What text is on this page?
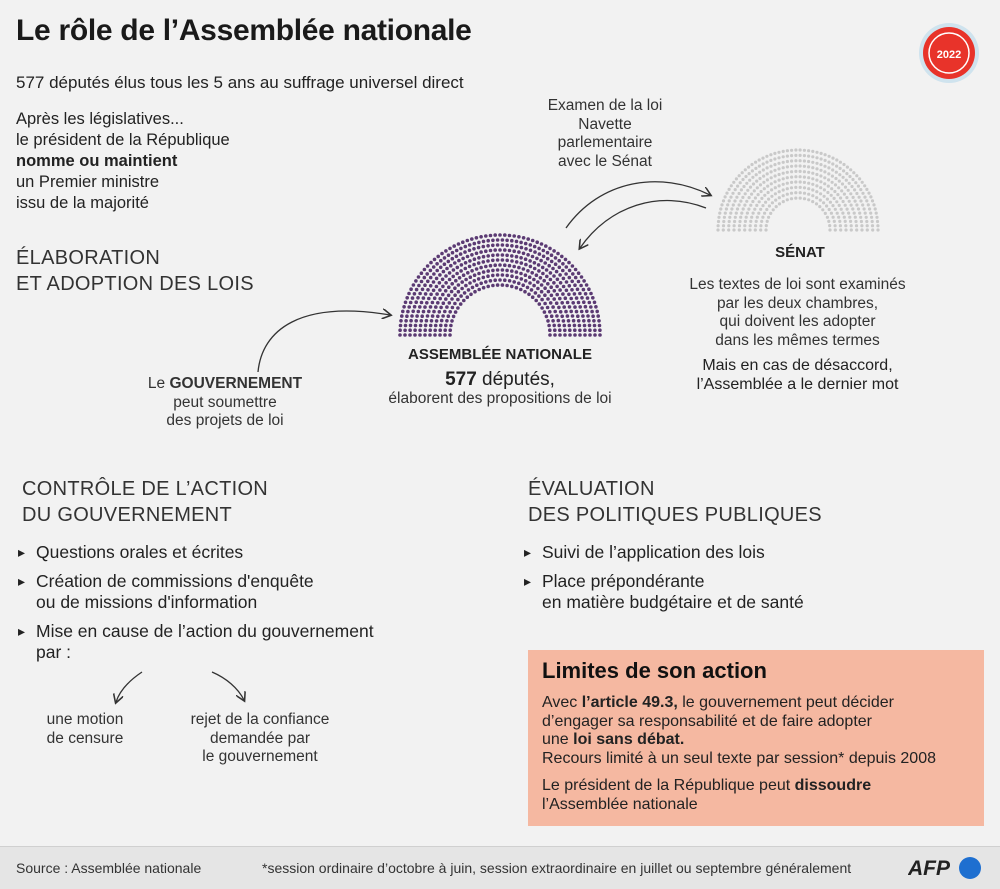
Le rôle de l’Assemblée nationale
2022
577 députés élus tous les 5 ans au suffrage universel direct
Après les législatives...
le président de la République
nomme ou maintient
un Premier ministre
issu de la majorité
ÉLABORATION
ET ADOPTION DES LOIS
Examen de la loi
Navette
parlementaire
avec le Sénat
SÉNAT
Les textes de loi sont examinés
par les deux chambres,
qui doivent les adopter
dans les mêmes termes
Mais en cas de désaccord,
l’Assemblée a le dernier mot
ASSEMBLÉE NATIONALE
577 députés,
élaborent des propositions de loi
Le GOUVERNEMENT
peut soumettre
des projets de loi
CONTRÔLE DE L’ACTION
DU GOUVERNEMENT
▸ Questions orales et écrites
▸ Création de commissions d'enquête
ou de missions d'information
▸ Mise en cause de l’action du gouvernement
par :
une motion
de censure
rejet de la confiance
demandée par
le gouvernement
ÉVALUATION
DES POLITIQUES PUBLIQUES
▸ Suivi de l’application des lois
▸ Place prépondérante
en matière budgétaire et de santé
Limites de son action
Avec l’article 49.3, le gouvernement peut décider
d’engager sa responsabilité et de faire adopter
une loi sans débat.
Recours limité à un seul texte par session* depuis 2008
Le président de la République peut dissoudre
l’Assemblée nationale
Source : Assemblée nationale	*session ordinaire d’octobre à juin, session extraordinaire en juillet ou septembre généralement	AFP
